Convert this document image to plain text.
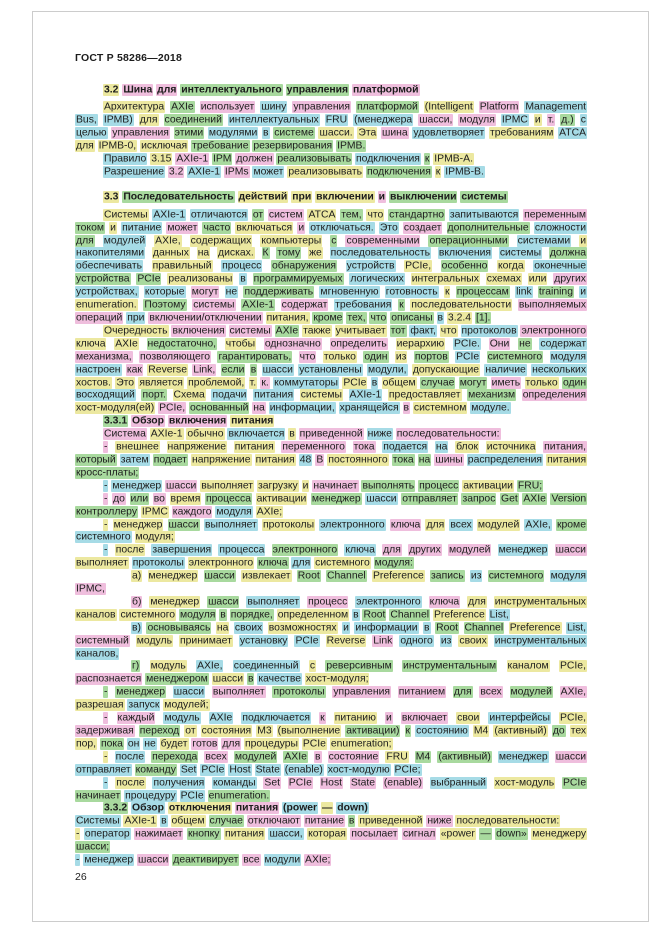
ГОСТ Р 58286—2018

3.2 Шина для интеллектуального управления платформой

Архитектура AXIe использует шину управления платформой (Intelligent Platform Management Bus, IPMB) для соединений интеллектуальных FRU (менеджера шасси, модуля IPMC и т. д.) с целью управления этими модулями в системе шасси. Эта шина удовлетворяет требованиям ATCA для IPMB-0, исключая требование резервирования IPMB.

Правило 3.15 AXIe-1 IPM должен реализовывать подключения к IPMB-A.

Разрешение 3.2 AXIe-1 IPMs может реализовывать подключения к IPMB-B.

3.3 Последовательность действий при включении и выключении системы

Системы AXIe-1 отличаются от систем ATCA тем, что стандартно запитываются переменным током и питание может часто включаться и отключаться. Это создает дополнительные сложности для модулей AXIe, содержащих компьютеры с современными операционными системами и накопителями данных на дисках. К тому же последовательность включения системы должна обеспечивать правильный процесс обнаружения устройств PCIe, особенно когда оконечные устройства PCIe реализованы в программируемых логических интегральных схемах или других устройствах, которые могут не поддерживать мгновенную готовность к процессам link training и enumeration. Поэтому системы AXIe-1 содержат требования к последовательности выполняемых операций при включении/отключении питания, кроме тех, что описаны в 3.2.4 [1].

Очередность включения системы AXIe также учитывает тот факт, что протоколов электронного ключа AXIe недостаточно, чтобы однозначно определить иерархию PCIe. Они не содержат механизма, позволяющего гарантировать, что только один из портов PCIe системного модуля настроен как Reverse Link, если в шасси установлены модули, допускающие наличие нескольких хостов. Это является проблемой, т. к. коммутаторы PCIe в общем случае могут иметь только один восходящий порт. Схема подачи питания системы AXIe-1 предоставляет механизм определения хост-модуля(ей) PCIe, основанный на информации, хранящейся в системном модуле.

3.3.1 Обзор включения питания

Система AXIe-1 обычно включается в приведенной ниже последовательности:

- внешнее напряжение питания переменного тока подается на блок источника питания, который затем подает напряжение питания 48 В постоянного тока на шины распределения питания кросс-платы;

- менеджер шасси выполняет загрузку и начинает выполнять процесс активации FRU;

- до или во время процесса активации менеджер шасси отправляет запрос Get AXIe Version контроллеру IPMC каждого модуля AXIe;

- менеджер шасси выполняет протоколы электронного ключа для всех модулей AXIe, кроме системного модуля;

- после завершения процесса электронного ключа для других модулей менеджер шасси выполняет протоколы электронного ключа для системного модуля:

а) менеджер шасси извлекает Root Channel Preference запись из системного модуля IPMC,

б) менеджер шасси выполняет процесс электронного ключа для инструментальных каналов системного модуля в порядке, определенном в Root Channel Preference List,

в) основываясь на своих возможностях и информации в Root Channel Preference List, системный модуль принимает установку PCIe Reverse Link одного из своих инструментальных каналов,

г) модуль AXIe, соединенный с реверсивным инструментальным каналом PCIe, распознается менеджером шасси в качестве хост-модуля;

- менеджер шасси выполняет протоколы управления питанием для всех модулей AXIe, разрешая запуск модулей;

- каждый модуль AXIe подключается к питанию и включает свои интерфейсы PCIe, задерживая переход от состояния M3 (выполнение активации) к состоянию M4 (активный) до тех пор, пока он не будет готов для процедуры PCIe enumeration;

- после перехода всех модулей AXIe в состояние FRU M4 (активный) менеджер шасси отправляет команду Set PCIe Host State (enable) хост-модулю PCIe;

- после получения команды Set PCIe Host State (enable) выбранный хост-модуль PCIe начинает процедуру PCIe enumeration.

3.3.2 Обзор отключения питания (power — down)

Системы AXIe-1 в общем случае отключают питание в приведенной ниже последовательности:

- оператор нажимает кнопку питания шасси, которая посылает сигнал «power — down» менеджеру шасси;

- менеджер шасси деактивирует все модули AXIe;

26
